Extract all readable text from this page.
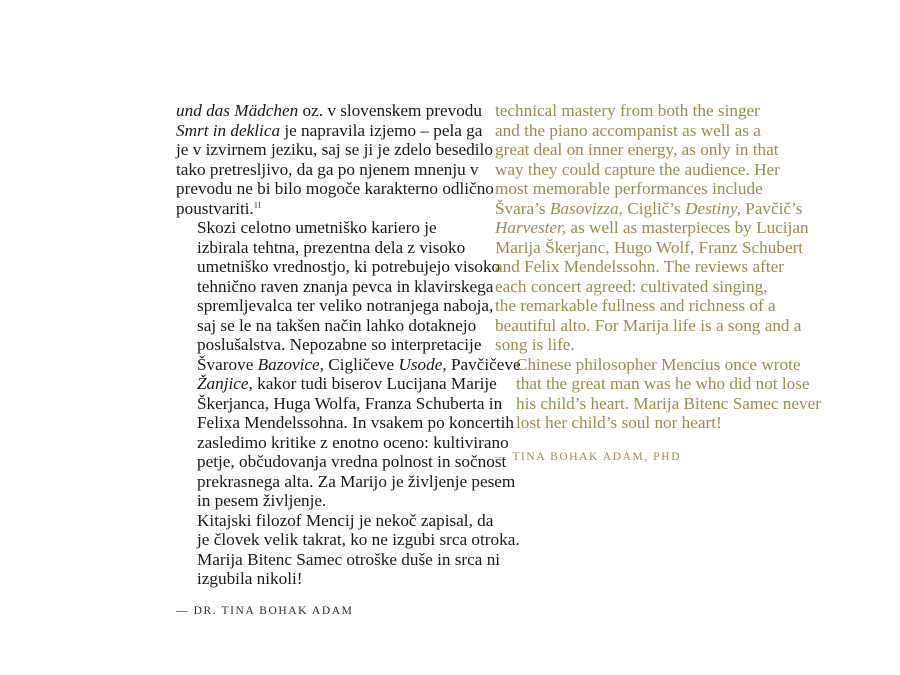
und das Mädchen oz. v slovenskem prevodu
Smrt in deklica je napravila izjemo – pela ga
je v izvirnem jeziku, saj se ji je zdelo besedilo
tako pretresljivo, da ga po njenem mnenju v
prevodu ne bi bilo mogoče karakterno odlično
poustvariti.$^{11}$

Skozi celotno umetniško kariero je
izbirala tehtna, prezentna dela z visoko
umetniško vrednostjo, ki potrebujejo visoko
tehnično raven znanja pevca in klavirskega
spremljevalca ter veliko notranjega naboja,
saj se le na takšen način lahko dotaknejo
poslušalstva. Nepozabne so interpretacije
Švarove Bazovice, Cigličeve Usode, Pavčičeve
Žanjice, kakor tudi biserov Lucijana Marije
Škerjanca, Huga Wolfa, Franza Schuberta in
Felixa Mendelssohna. In vsakem po koncertih
zasledimo kritike z enotno oceno: kultivirano
petje, občudovanja vredna polnost in sočnost
prekrasnega alta. Za Marijo je življenje pesem
in pesem življenje.

Kitajski filozof Mencij je nekoč zapisal, da
je človek velik takrat, ko ne izgubi srca otroka.
Marija Bitenc Samec otroške duše in srca ni
izgubila nikoli!

— DR. TINA BOHAK ADAM

technical mastery from both the singer
and the piano accompanist as well as a
great deal on inner energy, as only in that
way they could capture the audience. Her
most memorable performances include
Švara’s Basovizza, Ciglič’s Destiny, Pavčič’s
Harvester, as well as masterpieces by Lucijan
Marija Škerjanc, Hugo Wolf, Franz Schubert
and Felix Mendelssohn. The reviews after
each concert agreed: cultivated singing,
the remarkable fullness and richness of a
beautiful alto. For Marija life is a song and a
song is life.

Chinese philosopher Mencius once wrote
that the great man was he who did not lose
his child’s heart. Marija Bitenc Samec never
lost her child’s soul nor heart!

— TINA BOHAK ADAM, PHD
